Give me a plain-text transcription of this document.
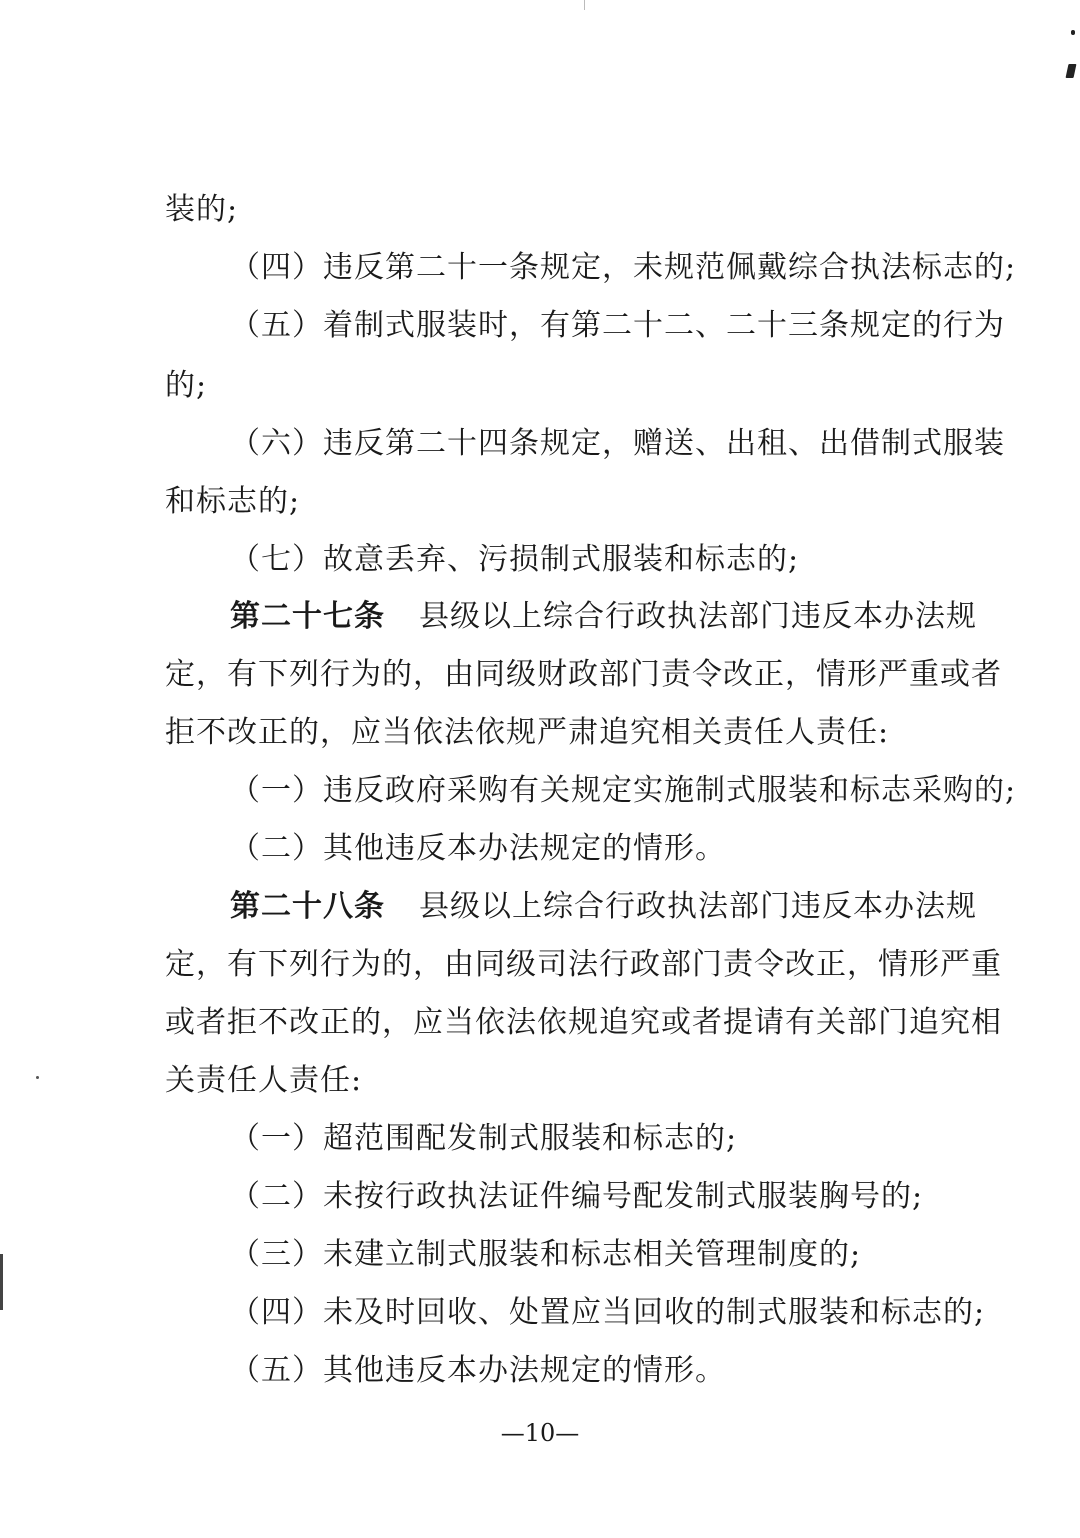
装的;
（四）违反第二十一条规定，未规范佩戴综合执法标志的;
（五）着制式服装时，有第二十二、二十三条规定的行为
的;
（六）违反第二十四条规定，赠送、出租、出借制式服装
和标志的;
（七）故意丢弃、污损制式服装和标志的;
第二十七条 县级以上综合行政执法部门违反本办法规
定，有下列行为的，由同级财政部门责令改正，情形严重或者
拒不改正的，应当依法依规严肃追究相关责任人责任:
（一）违反政府采购有关规定实施制式服装和标志采购的;
（二）其他违反本办法规定的情形。
第二十八条 县级以上综合行政执法部门违反本办法规
定，有下列行为的，由同级司法行政部门责令改正，情形严重
或者拒不改正的，应当依法依规追究或者提请有关部门追究相
关责任人责任:
（一）超范围配发制式服装和标志的;
（二）未按行政执法证件编号配发制式服装胸号的;
（三）未建立制式服装和标志相关管理制度的;
（四）未及时回收、处置应当回收的制式服装和标志的;
（五）其他违反本办法规定的情形。
—10—
